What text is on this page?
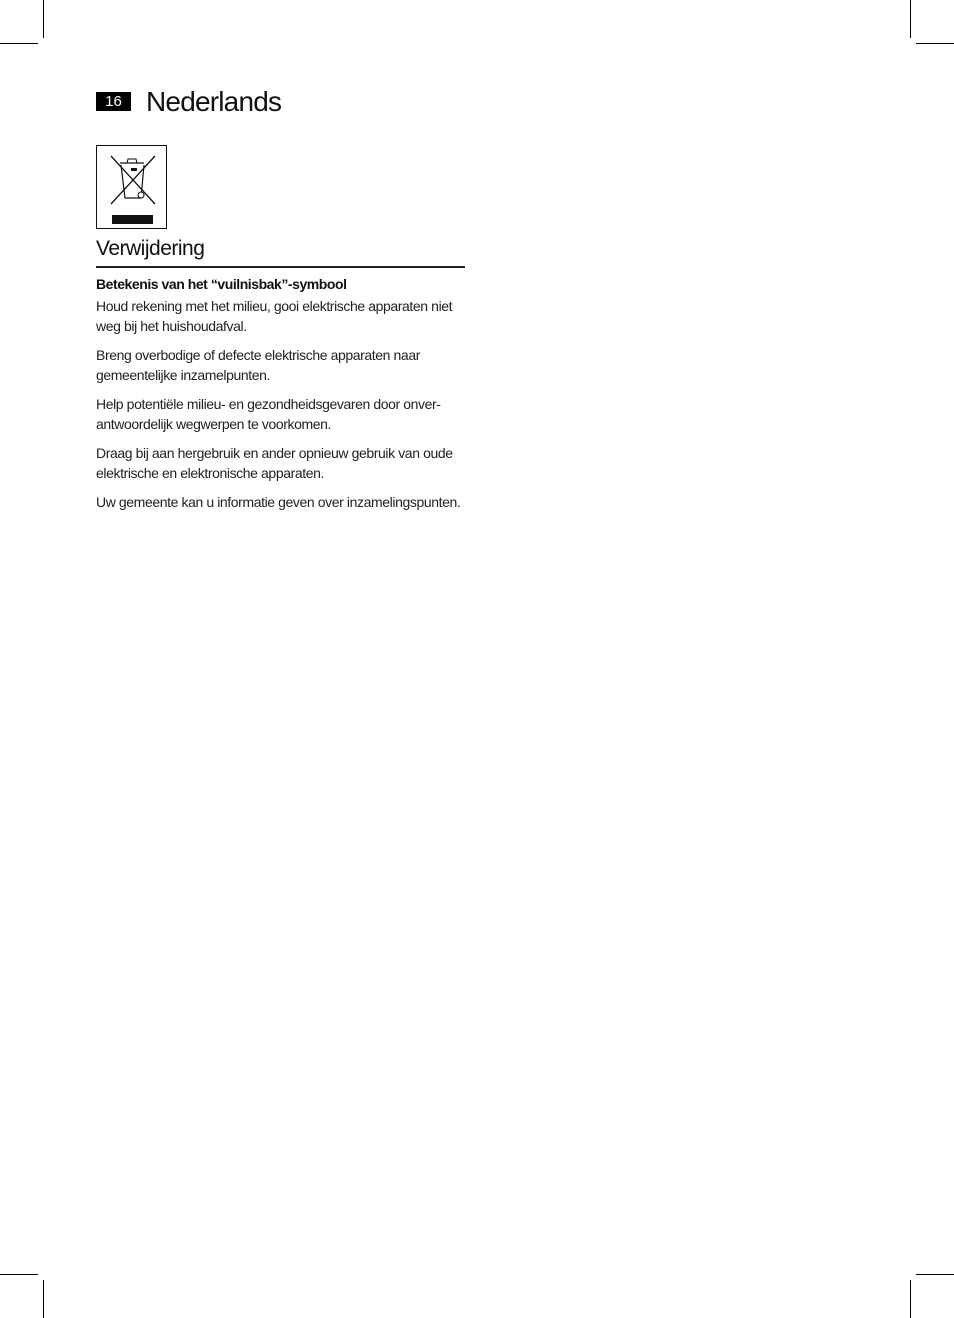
16 Nederlands
Verwijdering
Betekenis van het “vuilnisbak”-symbool

Houd rekening met het milieu, gooi elektrische apparaten niet weg bij het huishoudafval.

Breng overbodige of defecte elektrische apparaten naar gemeentelijke inzamelpunten.

Help potentiële milieu- en gezondheidsgevaren door onverantwoordelijk wegwerpen te voorkomen.

Draag bij aan hergebruik en ander opnieuw gebruik van oude elektrische en elektronische apparaten.

Uw gemeente kan u informatie geven over inzamelingspunten.
